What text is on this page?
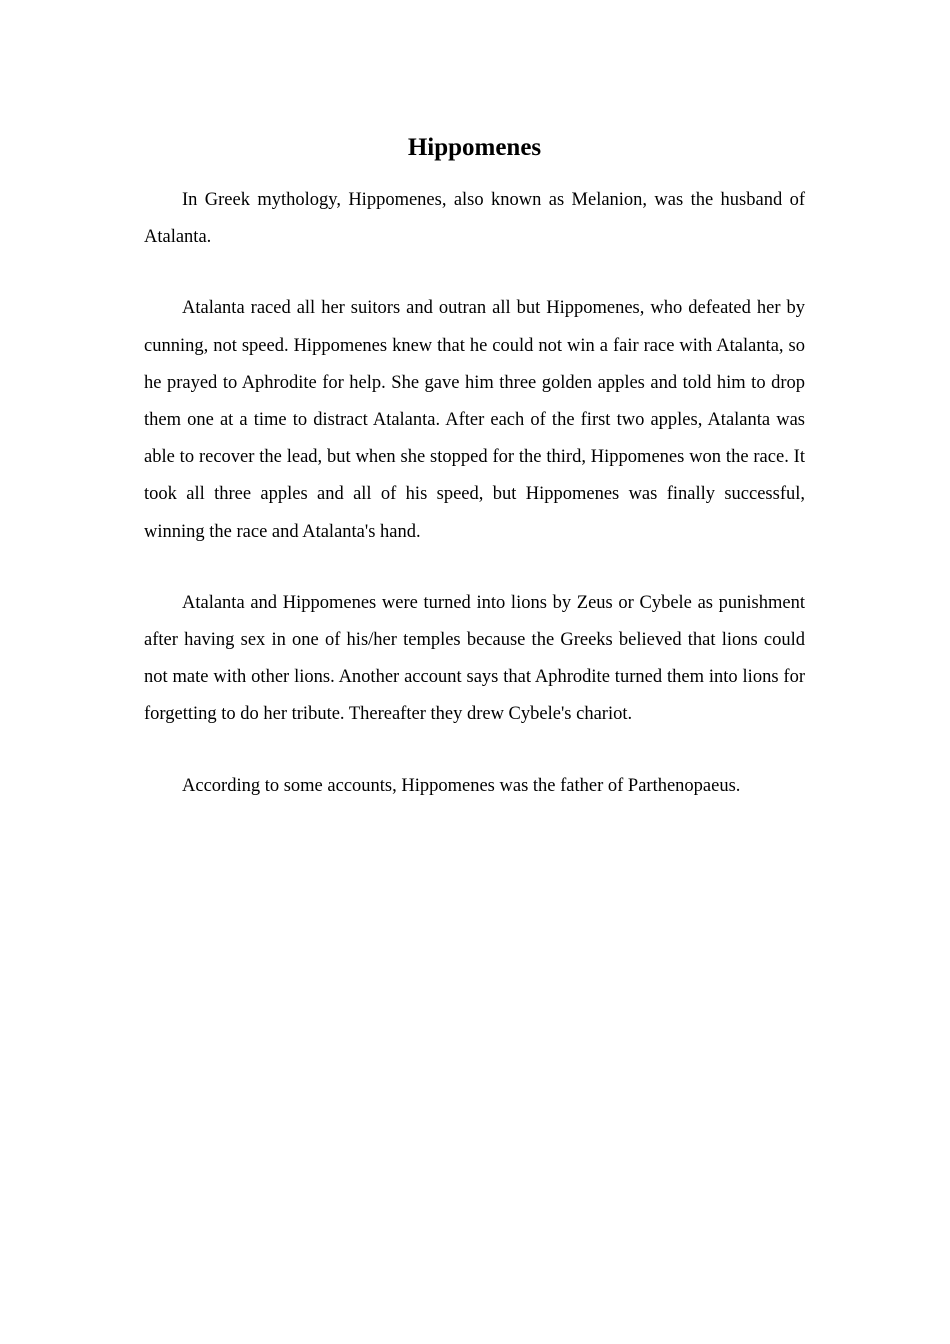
Hippomenes

In Greek mythology, Hippomenes, also known as Melanion, was the husband of Atalanta.

Atalanta raced all her suitors and outran all but Hippomenes, who defeated her by cunning, not speed. Hippomenes knew that he could not win a fair race with Atalanta, so he prayed to Aphrodite for help. She gave him three golden apples and told him to drop them one at a time to distract Atalanta. After each of the first two apples, Atalanta was able to recover the lead, but when she stopped for the third, Hippomenes won the race. It took all three apples and all of his speed, but Hippomenes was finally successful, winning the race and Atalanta's hand.

Atalanta and Hippomenes were turned into lions by Zeus or Cybele as punishment after having sex in one of his/her temples because the Greeks believed that lions could not mate with other lions. Another account says that Aphrodite turned them into lions for forgetting to do her tribute. Thereafter they drew Cybele's chariot.

According to some accounts, Hippomenes was the father of Parthenopaeus.
